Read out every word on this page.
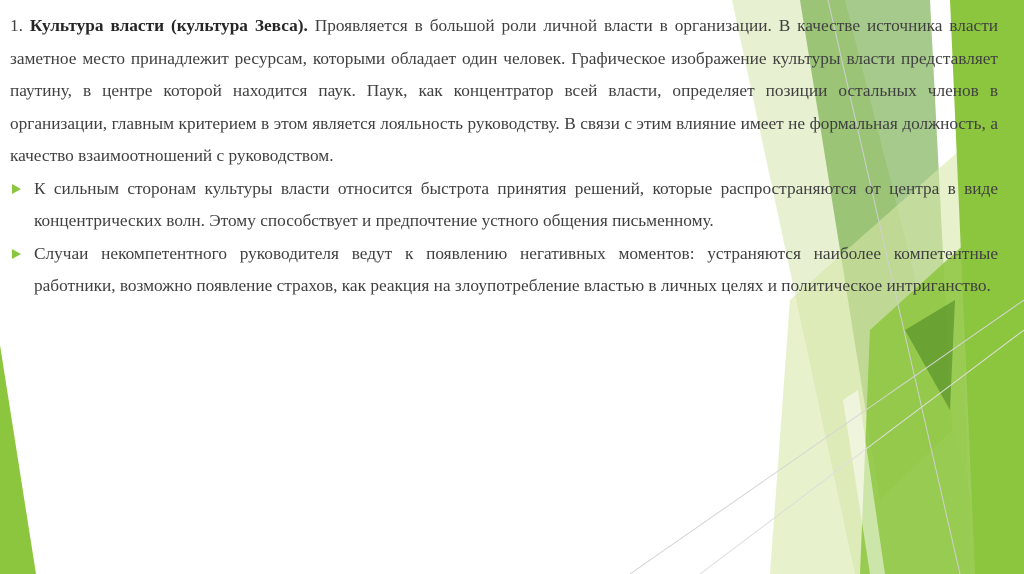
1. Культура власти (культура Зевса). Проявляется в большой роли личной власти в организации. В качестве источника власти заметное место принадлежит ресурсам, которыми обладает один человек. Графическое изображение культуры власти представляет паутину, в центре которой находится паук. Паук, как концентратор всей власти, определяет позиции остальных членов в организации, главным критерием в этом является лояльность руководству. В связи с этим влияние имеет не формальная должность, а качество взаимоотношений с руководством.

К сильным сторонам культуры власти относится быстрота принятия решений, которые распространяются от центра в виде концентрических волн. Этому способствует и предпочтение устного общения письменному.

Случаи некомпетентного руководителя ведут к появлению негативных моментов: устраняются наиболее компетентные работники, возможно появление страхов, как реакция на злоупотребление властью в личных целях и политическое интриганство.
